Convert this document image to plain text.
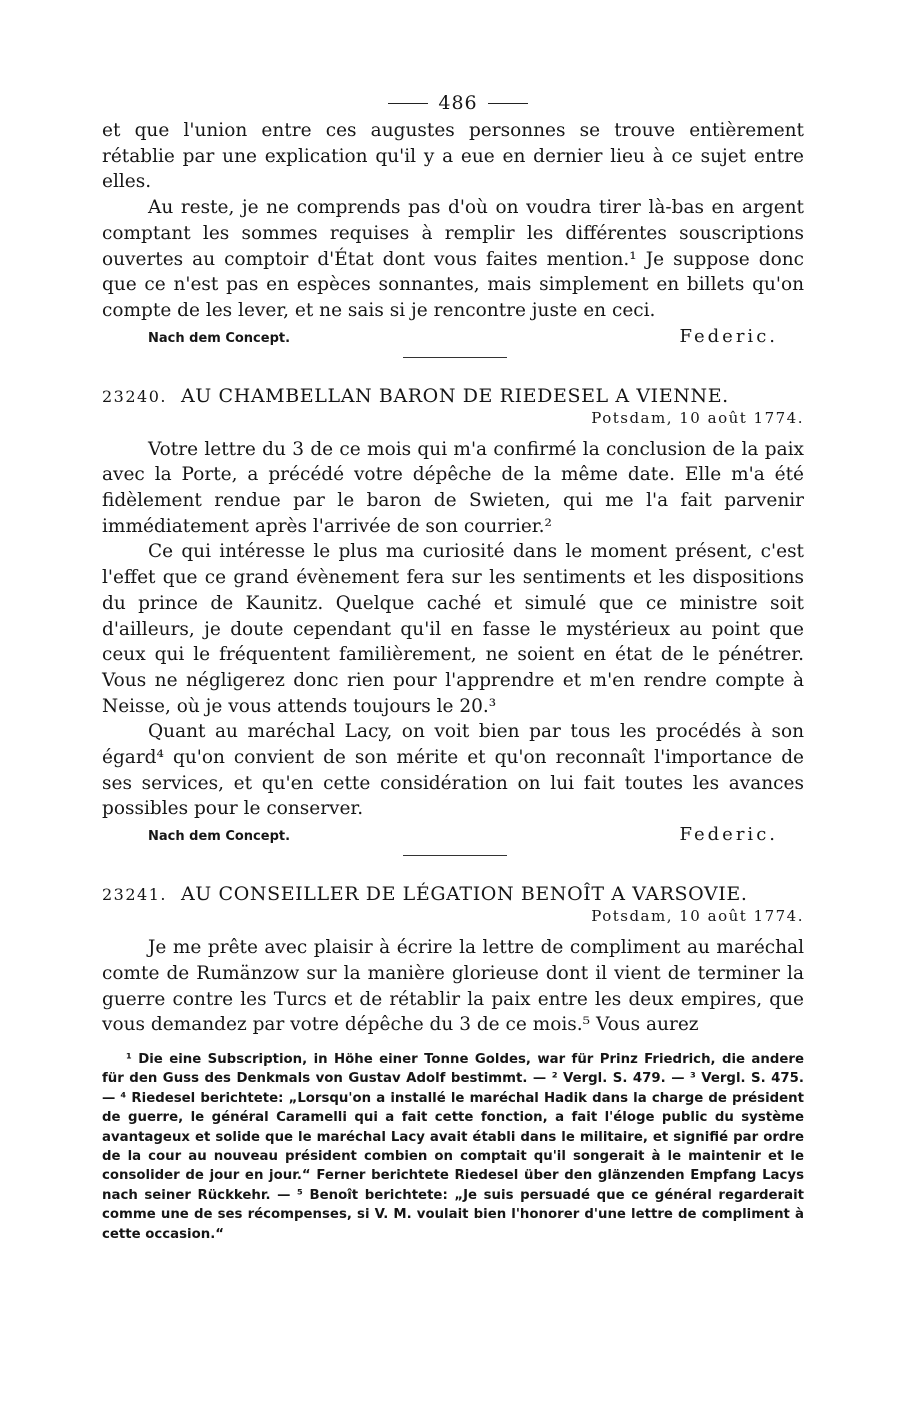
486

et que l'union entre ces augustes personnes se trouve entièrement rétablie par une explication qu'il y a eue en dernier lieu à ce sujet entre elles.

Au reste, je ne comprends pas d'où on voudra tirer là-bas en argent comptant les sommes requises à remplir les différentes souscriptions ouvertes au comptoir d'État dont vous faites mention.¹ Je suppose donc que ce n'est pas en espèces sonnantes, mais simplement en billets qu'on compte de les lever, et ne sais si je rencontre juste en ceci.

Nach dem Concept.	Federic.
23240. AU CHAMBELLAN BARON DE RIEDESEL A VIENNE.
Potsdam, 10 août 1774.

Votre lettre du 3 de ce mois qui m'a confirmé la conclusion de la paix avec la Porte, a précédé votre dépêche de la même date. Elle m'a été fidèlement rendue par le baron de Swieten, qui me l'a fait parvenir immédiatement après l'arrivée de son courrier.²

Ce qui intéresse le plus ma curiosité dans le moment présent, c'est l'effet que ce grand évènement fera sur les sentiments et les dispositions du prince de Kaunitz. Quelque caché et simulé que ce ministre soit d'ailleurs, je doute cependant qu'il en fasse le mystérieux au point que ceux qui le fréquentent familièrement, ne soient en état de le pénétrer. Vous ne négligerez donc rien pour l'apprendre et m'en rendre compte à Neisse, où je vous attends toujours le 20.³

Quant au maréchal Lacy, on voit bien par tous les procédés à son égard⁴ qu'on convient de son mérite et qu'on reconnaît l'importance de ses services, et qu'en cette considération on lui fait toutes les avances possibles pour le conserver.

Nach dem Concept.	Federic.
23241. AU CONSEILLER DE LÉGATION BENOÎT A VARSOVIE.
Potsdam, 10 août 1774.

Je me prête avec plaisir à écrire la lettre de compliment au maréchal comte de Rumänzow sur la manière glorieuse dont il vient de terminer la guerre contre les Turcs et de rétablir la paix entre les deux empires, que vous demandez par votre dépêche du 3 de ce mois.⁵ Vous aurez

¹ Die eine Subscription, in Höhe einer Tonne Goldes, war für Prinz Friedrich, die andere für den Guss des Denkmals von Gustav Adolf bestimmt. — ² Vergl. S. 479. — ³ Vergl. S. 475. — ⁴ Riedesel berichtete: „Lorsqu'on a installé le maréchal Hadik dans la charge de président de guerre, le général Caramelli qui a fait cette fonction, a fait l'éloge public du système avantageux et solide que le maréchal Lacy avait établi dans le militaire, et signifié par ordre de la cour au nouveau président combien on comptait qu'il songerait à le maintenir et le consolider de jour en jour.“ Ferner berichtete Riedesel über den glänzenden Empfang Lacys nach seiner Rückkehr. — ⁵ Benoît berichtete: „Je suis persuadé que ce général regarderait comme une de ses récompenses, si V. M. voulait bien l'honorer d'une lettre de compliment à cette occasion.“
